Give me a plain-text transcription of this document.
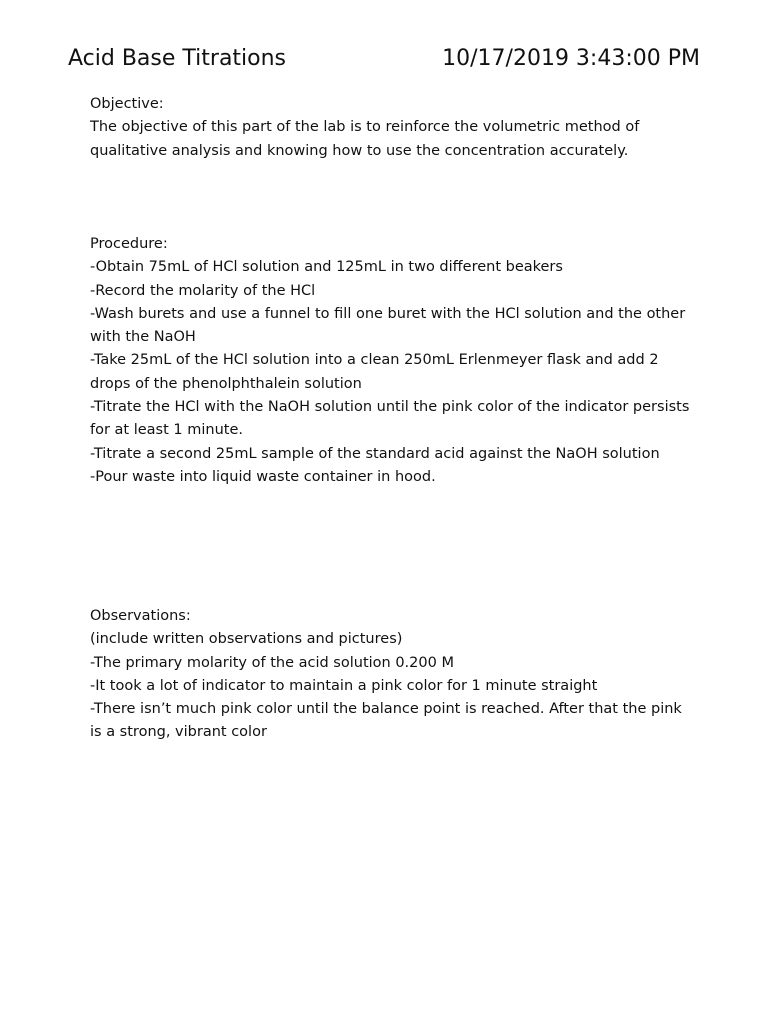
Acid Base Titrations	10/17/2019 3:43:00 PM
Objective:
The objective of this part of the lab is to reinforce the volumetric method of qualitative analysis and knowing how to use the concentration accurately.
Procedure:
-Obtain 75mL of HCl solution and 125mL in two different beakers
-Record the molarity of the HCl
-Wash burets and use a funnel to fill one buret with the HCl solution and the other with the NaOH
-Take 25mL of the HCl solution into a clean 250mL Erlenmeyer flask and add 2 drops of the phenolphthalein solution
-Titrate the HCl with the NaOH solution until the pink color of the indicator persists for at least 1 minute.
-Titrate a second 25mL sample of the standard acid against the NaOH solution
-Pour waste into liquid waste container in hood.
Observations:
(include written observations and pictures)
-The primary molarity of the acid solution 0.200 M
-It took a lot of indicator to maintain a pink color for 1 minute straight
-There isn’t much pink color until the balance point is reached. After that the pink is a strong, vibrant color
